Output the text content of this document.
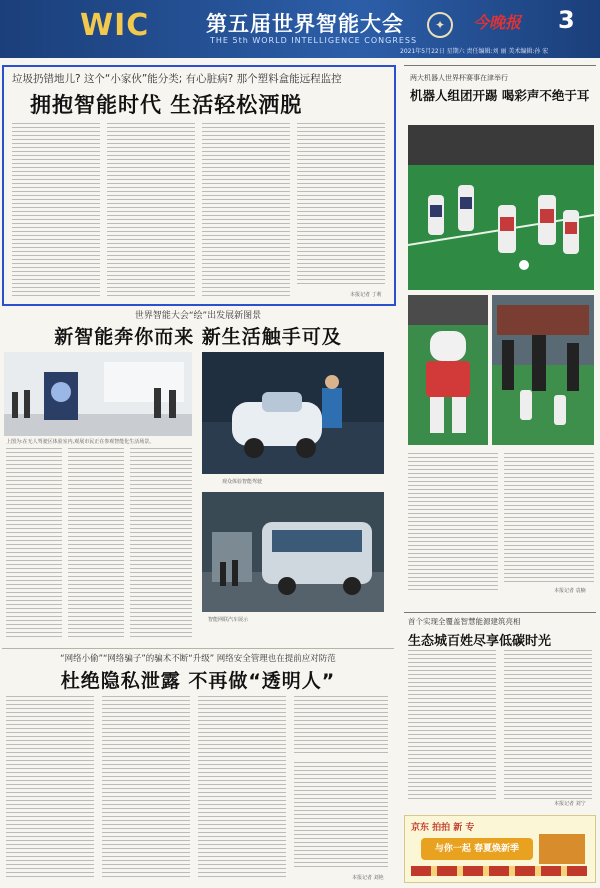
WIC	第五届世界智能大会
THE 5th WORLD INTELLIGENCE CONGRESS
✦	今晚报 3
2021年5月22日 星期六 责任编辑:刘 丽 美术编辑:孙 宏
垃圾扔错地儿? 这个“小家伙”能分类; 有心脏病? 那个塑料盒能远程监控
拥抱智能时代 生活轻松洒脱
本报记者 丁莉
两大机器人世界杯赛事在津举行
机器人组团开踢 喝彩声不绝于耳
本报记者 袁楠
世界智能大会“绘”出发展新图景
新智能奔你而来 新生活触手可及
上图为:在无人驾驶区体验室内,观展市民正在参观智能化生活场景。
观众体验智能驾驶
智能网联汽车展示
“网络小偷”“网络骗子”的骗术不断“升级” 网络安全管理也在提前应对防范
杜绝隐私泄露 不再做“透明人”
本报记者 刘艳
首个实现全覆盖智慧能源建筑亮相
生态城百姓尽享低碳时光
本报记者 刘宁
京东 拍拍 新 专
与你一起 春夏焕新季
